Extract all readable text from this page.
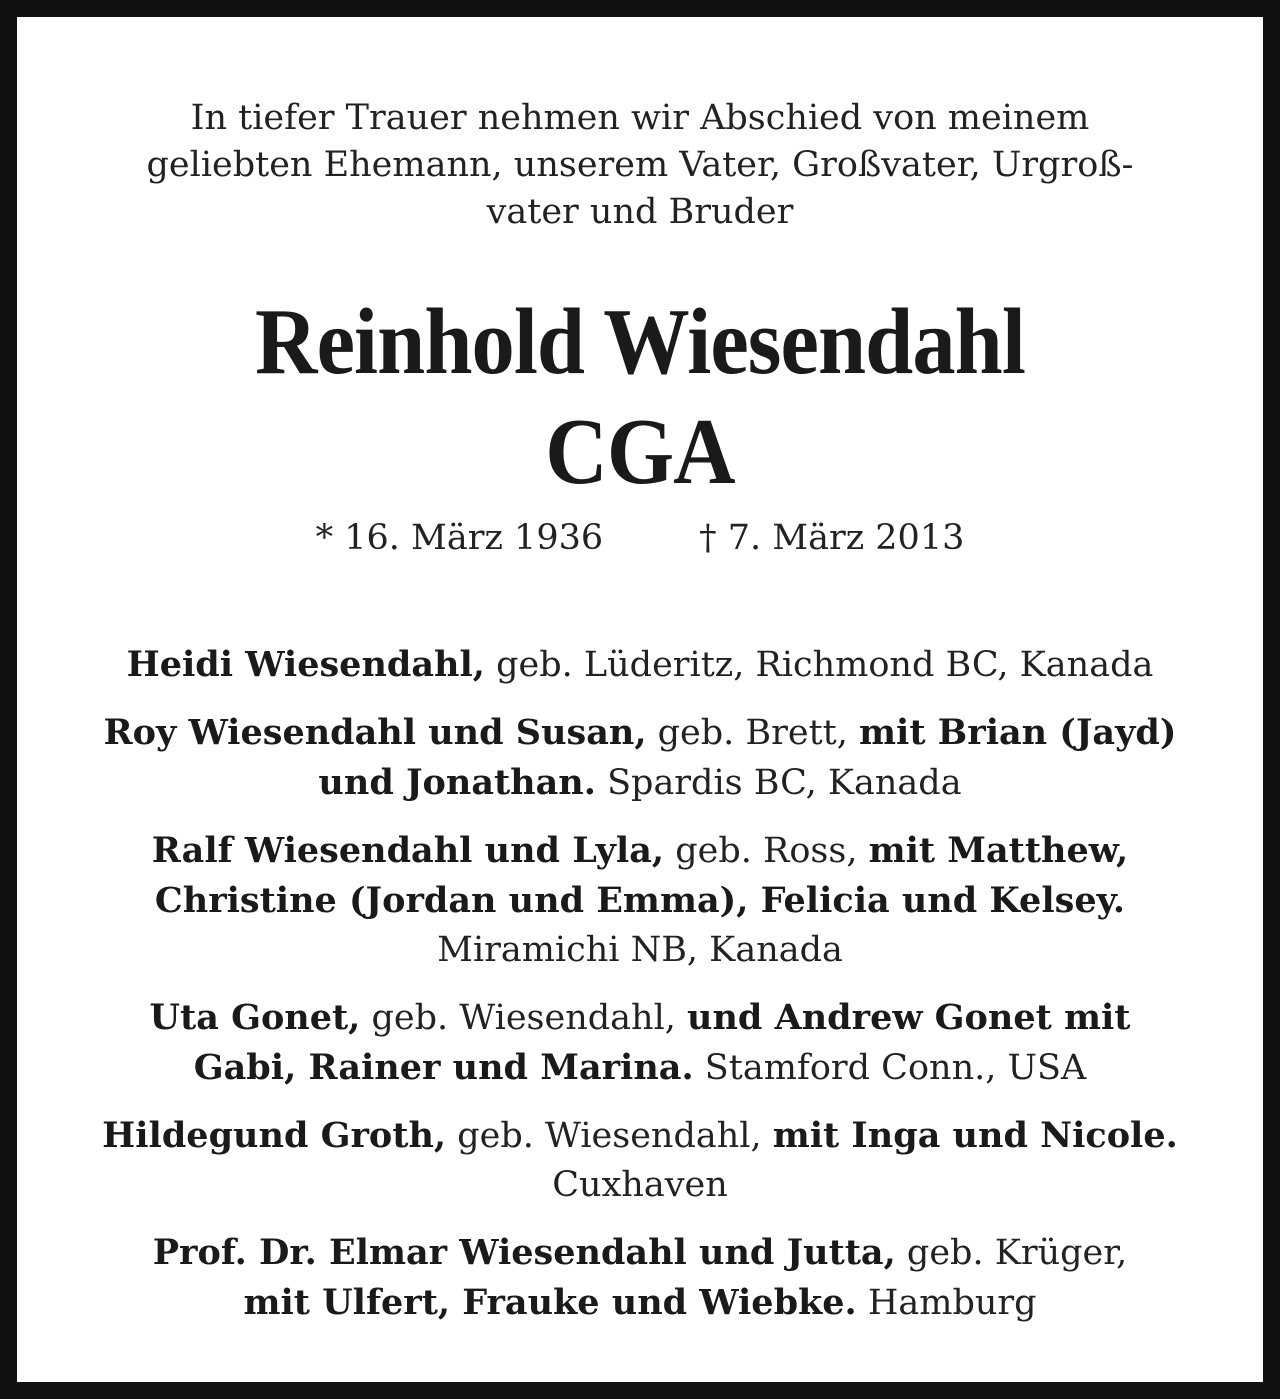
In tiefer Trauer nehmen wir Abschied von meinem
geliebten Ehemann, unserem Vater, Großvater, Urgroß-
vater und Bruder
Reinhold Wiesendahl
CGA
* 16. März 1936	† 7. März 2013
Heidi Wiesendahl, geb. Lüderitz, Richmond BC, Kanada
Roy Wiesendahl und Susan, geb. Brett, mit Brian (Jayd)
und Jonathan. Spardis BC, Kanada
Ralf Wiesendahl und Lyla, geb. Ross, mit Matthew,
Christine (Jordan und Emma), Felicia und Kelsey.
Miramichi NB, Kanada
Uta Gonet, geb. Wiesendahl, und Andrew Gonet mit
Gabi, Rainer und Marina. Stamford Conn., USA
Hildegund Groth, geb. Wiesendahl, mit Inga und Nicole.
Cuxhaven
Prof. Dr. Elmar Wiesendahl und Jutta, geb. Krüger,
mit Ulfert, Frauke und Wiebke. Hamburg
